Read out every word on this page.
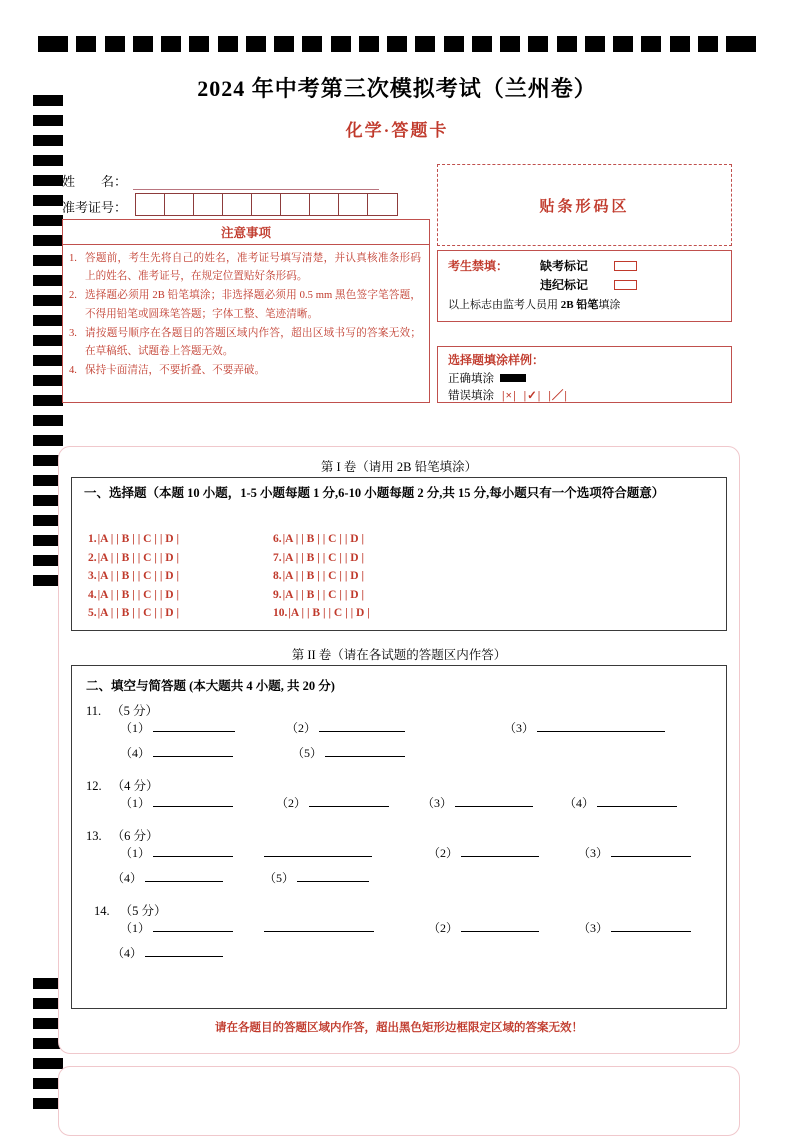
2024 年中考第三次模拟考试（兰州卷）
化学·答题卡
姓　　名：
准考证号：
注意事项
1. 答题前，考生先将自己的姓名，准考证号填写清楚，并认真核准条形码上的姓名、准考证号，在规定位置贴好条形码。
2. 选择题必须用 2B 铅笔填涂；非选择题必须用 0.5 mm 黑色签字笔答题，不得用铅笔或圆珠笔答题；字体工整、笔迹清晰。
3. 请按题号顺序在各题目的答题区域内作答，超出区域书写的答案无效；在草稿纸、试题卷上答题无效。
4. 保持卡面清洁，不要折叠、不要弄破。
贴条形码区
考生禁填：	缺考标记
违纪标记
以上标志由监考人员用 2B 铅笔填涂
选择题填涂样例：
正确填涂
错误填涂 |×| |✓| |／|
第 I 卷（请用 2B 铅笔填涂）
一、选择题（本题 10 小题，1-5 小题每题 1 分,6-10 小题每题 2 分,共 15 分,每小题只有一个选项符合题意）
1. |A | | B | | C | | D |
2. |A | | B | | C | | D |
3. |A | | B | | C | | D |
4. |A | | B | | C | | D |
5. |A | | B | | C | | D |
6. |A | | B | | C | | D |
7. |A | | B | | C | | D |
8. |A | | B | | C | | D |
9. |A | | B | | C | | D |
10. |A | | B | | C | | D |
第 II 卷（请在各试题的答题区内作答）
二、填空与简答题 (本大题共 4 小题, 共 20 分)
11. （5 分）
（1）	（2）	（3）
（4）	（5）
12. （4 分）
（1）	（2）	（3）	（4）
13. （6 分）
（1）	（2）	（3）
（4）	（5）
14. （5 分）
（1）	（2）	（3）
（4）
请在各题目的答题区域内作答，超出黑色矩形边框限定区域的答案无效！
